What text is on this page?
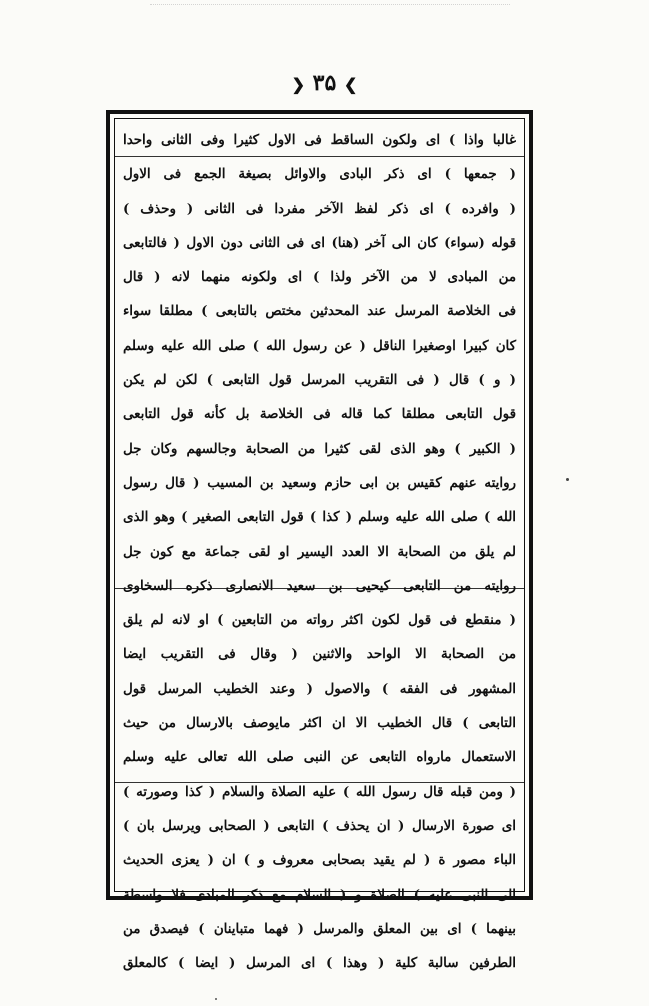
❯ ۳۵ ❮
غالبا واذا ) اى ولكون الساقط فى الاول كثيرا وفى الثانى واحدا
( جمعها ) اى ذكر البادى والاوائل بصيغة الجمع فى الاول
( وافرده ) اى ذكر لفظ الآخر مفردا فى الثانى ( وحذف )
قوله (سواء) كان الى آخر (هنا) اى فى الثانى دون الاول ( فالتابعى
من المبادى لا من الآخر ولذا ) اى ولكونه منهما لانه ( قال
فى الخلاصة المرسل عند المحدثين مختص بالتابعى ) مطلقا سواء
كان كبيرا اوصغيرا الناقل ( عن رسول الله ) صلى الله عليه وسلم
( و ) قال ( فى التقريب المرسل قول التابعى ) لكن لم يكن
قول التابعى مطلقا كما قاله فى الخلاصة بل كأنه قول التابعى
( الكبير ) وهو الذى لقى كثيرا من الصحابة وجالسهم وكان جل
روايته عنهم كقيس بن ابى حازم وسعيد بن المسيب ( قال رسول
الله ) صلى الله عليه وسلم ( كذا ) قول التابعى الصغير ) وهو الذى
لم يلق من الصحابة الا العدد اليسير او لقى جماعة مع كون جل
روايته من التابعى كيحيى بن سعيد الانصارى ذكره السخاوى
( منقطع فى قول لكون اكثر رواته من التابعين ) او لانه لم يلق
من الصحابة الا الواحد والاثنين ( وقال فى التقريب ايضا
المشهور فى الفقه ) والاصول ( وعند الخطيب المرسل قول
التابعى ) قال الخطيب الا ان اكثر مايوصف بالارسال من حيث
الاستعمال مارواه التابعى عن النبى صلى الله تعالى عليه وسلم
( ومن قبله قال رسول الله ) عليه الصلاة والسلام ( كذا وصورته )
اى صورة الارسال ( ان يحذف ) التابعى ( الصحابى ويرسل بان )
الباء مصور ة ( لم يقيد بصحابى معروف و ) ان ( يعزى الحديث
الى النبى عليه ) الصلاة و ( السلام مع ذكر المبادى فلا واسطة
بينهما ) اى بين المعلق والمرسل ( فهما متباينان ) فيصدق من
الطرفين سالبة كلية ( وهذا ) اى المرسل ( ايضا ) كالمعلق
